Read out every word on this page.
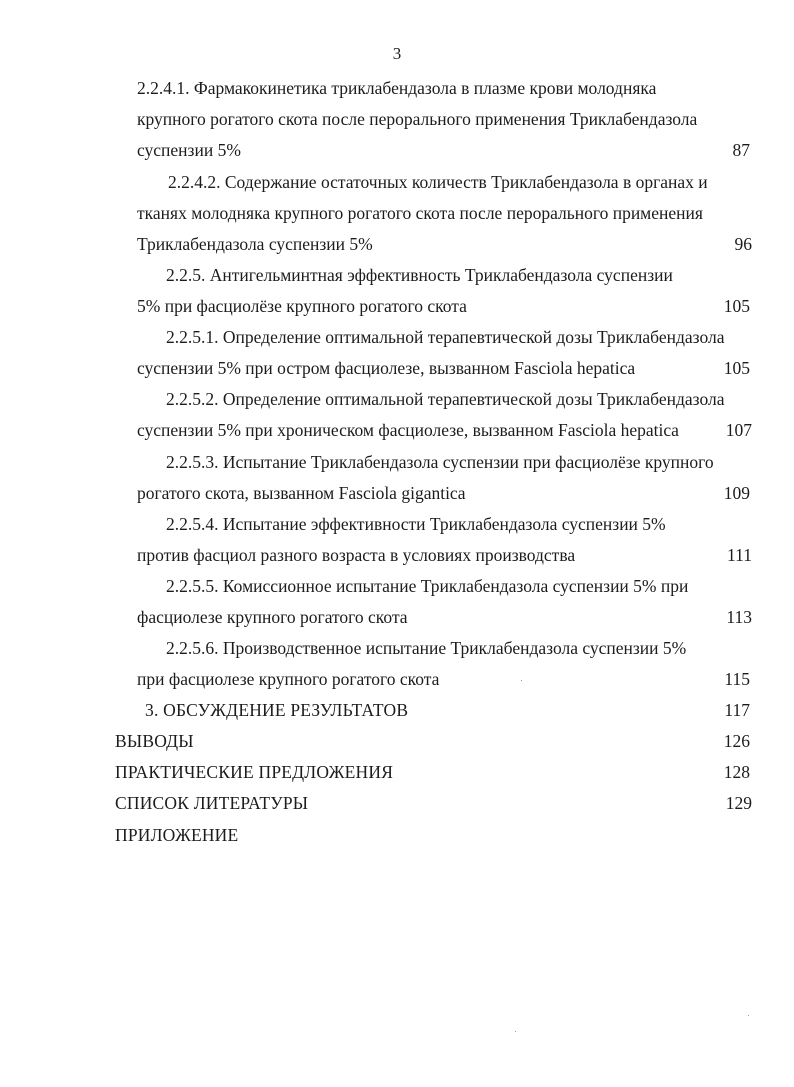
3
2.2.4.1. Фармакокинетика триклабендазола в плазме крови молодняка
крупного рогатого скота после перорального применения Триклабендазола
суспензии 5%	87
2.2.4.2. Содержание остаточных количеств Триклабендазола в органах и
тканях молодняка крупного рогатого скота после перорального применения
Триклабендазола суспензии 5%	96
2.2.5. Антигельминтная эффективность Триклабендазола суспензии
5% при фасциолёзе крупного рогатого скота	105
2.2.5.1. Определение оптимальной терапевтической дозы Триклабендазола
суспензии 5% при остром фасциолезе, вызванном Fasciola hepatica	105
2.2.5.2. Определение оптимальной терапевтической дозы Триклабендазола
суспензии 5% при хроническом фасциолезе, вызванном Fasciola hepatica	107
2.2.5.3. Испытание Триклабендазола суспензии при фасциолёзе крупного
рогатого скота, вызванном Fasciola gigantica	109
2.2.5.4. Испытание эффективности Триклабендазола суспензии 5%
против фасциол разного возраста в условиях производства	111
2.2.5.5. Комиссионное испытание Триклабендазола суспензии 5% при
фасциолезе крупного рогатого скота	113
2.2.5.6. Производственное испытание Триклабендазола суспензии 5%
при фасциолезе крупного рогатого скота	115
3. ОБСУЖДЕНИЕ РЕЗУЛЬТАТОВ	117
ВЫВОДЫ	126
ПРАКТИЧЕСКИЕ ПРЕДЛОЖЕНИЯ	128
СПИСОК ЛИТЕРАТУРЫ	129
ПРИЛОЖЕНИЕ
